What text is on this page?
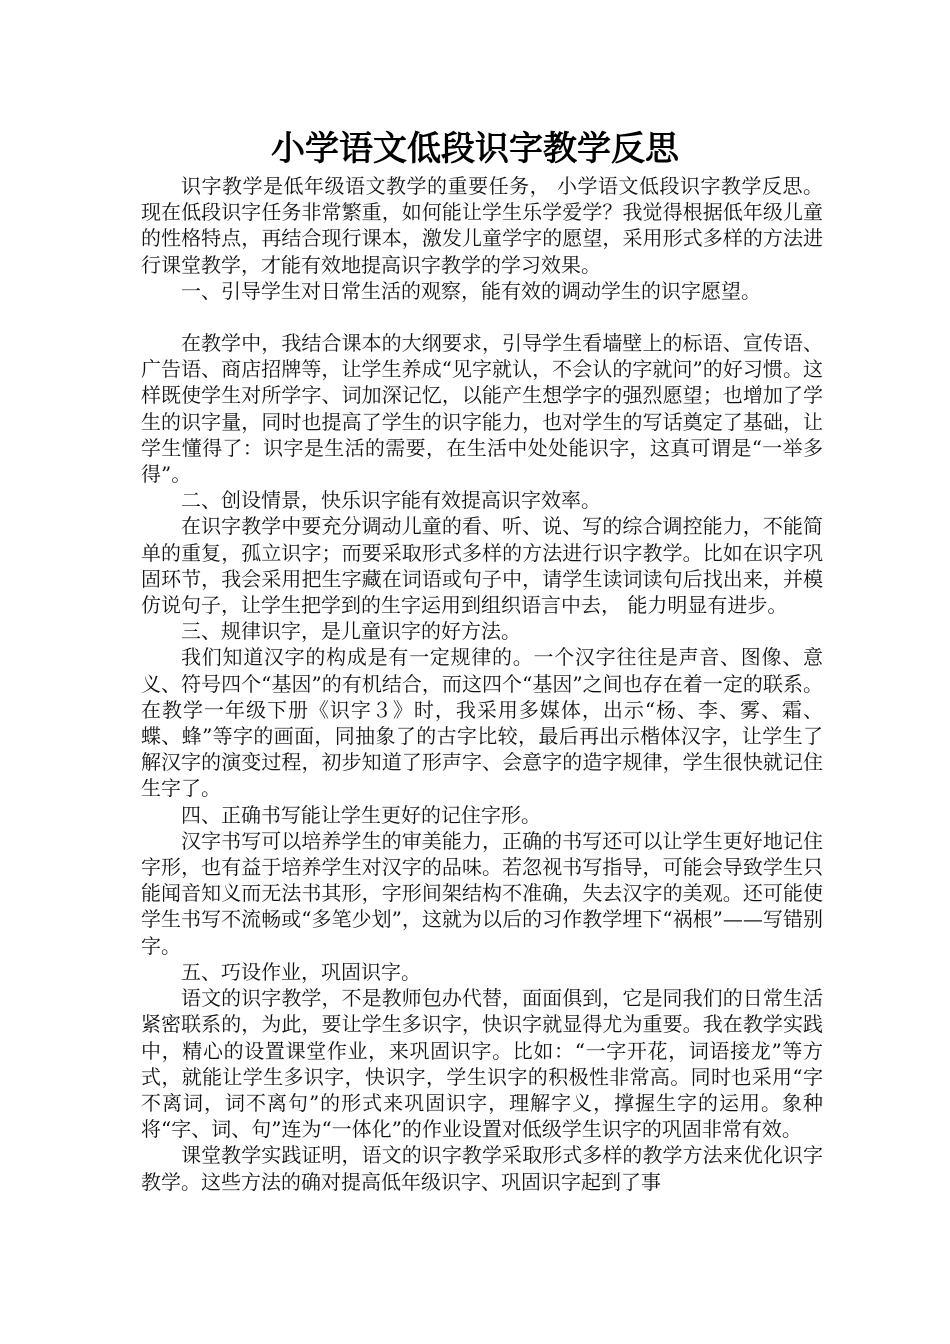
小学语文低段识字教学反思

识字教学是低年级语文教学的重要任务， 小学语文低段识字教学反思。现在低段识字任务非常繁重，如何能让学生乐学爱学？我觉得根据低年级儿童的性格特点，再结合现行课本，激发儿童学字的愿望，采用形式多样的方法进行课堂教学，才能有效地提高识字教学的学习效果。

一、引导学生对日常生活的观察，能有效的调动学生的识字愿望。

在教学中，我结合课本的大纲要求，引导学生看墙壁上的标语、宣传语、广告语、商店招牌等，让学生养成“见字就认，不会认的字就问”的好习惯。这样既使学生对所学字、词加深记忆，以能产生想学字的强烈愿望；也增加了学生的识字量，同时也提高了学生的识字能力，也对学生的写话奠定了基础，让学生懂得了：识字是生活的需要，在生活中处处能识字，这真可谓是“一举多得”。

二、创设情景，快乐识字能有效提高识字效率。

在识字教学中要充分调动儿童的看、听、说、写的综合调控能力，不能简单的重复，孤立识字；而要采取形式多样的方法进行识字教学。比如在识字巩固环节，我会采用把生字藏在词语或句子中，请学生读词读句后找出来，并模仿说句子，让学生把学到的生字运用到组织语言中去， 能力明显有进步。

三、规律识字，是儿童识字的好方法。

我们知道汉字的构成是有一定规律的。一个汉字往往是声音、图像、意义、符号四个“基因”的有机结合，而这四个“基因”之间也存在着一定的联系。在教学一年级下册《识字３》时，我采用多媒体，出示“杨、李、雾、霜、蝶、蜂”等字的画面，同抽象了的古字比较，最后再出示楷体汉字，让学生了解汉字的演变过程，初步知道了形声字、会意字的造字规律，学生很快就记住生字了。

四、正确书写能让学生更好的记住字形。

汉字书写可以培养学生的审美能力，正确的书写还可以让学生更好地记住字形，也有益于培养学生对汉字的品味。若忽视书写指导，可能会导致学生只能闻音知义而无法书其形，字形间架结构不准确，失去汉字的美观。还可能使学生书写不流畅或“多笔少划”，这就为以后的习作教学埋下“祸根”——写错别字。

五、巧设作业，巩固识字。

语文的识字教学，不是教师包办代替，面面俱到，它是同我们的日常生活紧密联系的，为此，要让学生多识字，快识字就显得尤为重要。我在教学实践中，精心的设置课堂作业，来巩固识字。比如：“一字开花，词语接龙”等方式，就能让学生多识字，快识字，学生识字的积极性非常高。同时也采用“字不离词，词不离句”的形式来巩固识字，理解字义，撑握生字的运用。象种将“字、词、句”连为“一体化”的作业设置对低级学生识字的巩固非常有效。

课堂教学实践证明，语文的识字教学采取形式多样的教学方法来优化识字教学。这些方法的确对提高低年级识字、巩固识字起到了事
